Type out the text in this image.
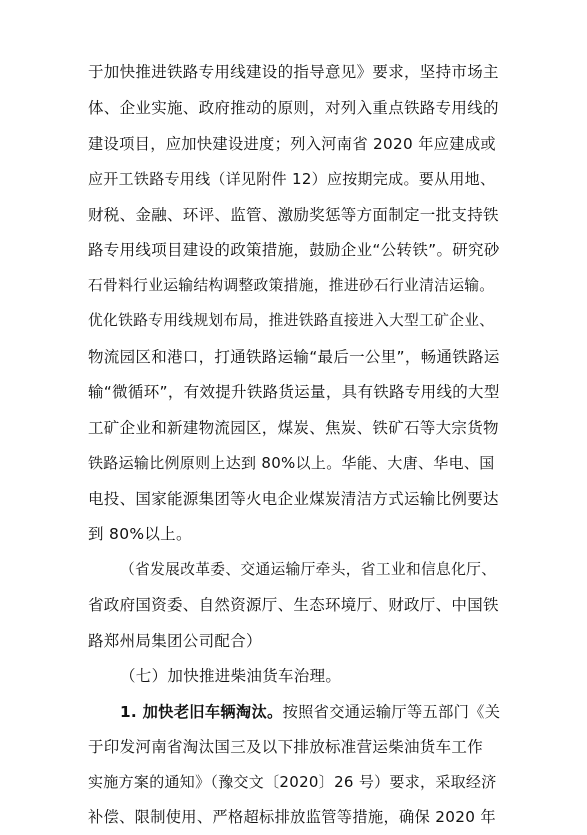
于加快推进铁路专用线建设的指导意见》要求，坚持市场主
体、企业实施、政府推动的原则，对列入重点铁路专用线的
建设项目，应加快建设进度；列入河南省 2020 年应建成或
应开工铁路专用线（详见附件 12）应按期完成。要从用地、
财税、金融、环评、监管、激励奖惩等方面制定一批支持铁
路专用线项目建设的政策措施，鼓励企业“公转铁”。研究砂
石骨料行业运输结构调整政策措施，推进砂石行业清洁运输。
优化铁路专用线规划布局，推进铁路直接进入大型工矿企业、
物流园区和港口，打通铁路运输“最后一公里”，畅通铁路运
输“微循环”，有效提升铁路货运量，具有铁路专用线的大型
工矿企业和新建物流园区，煤炭、焦炭、铁矿石等大宗货物
铁路运输比例原则上达到 80%以上。华能、大唐、华电、国
电投、国家能源集团等火电企业煤炭清洁方式运输比例要达
到 80%以上。
（省发展改革委、交通运输厅牵头，省工业和信息化厅、
省政府国资委、自然资源厅、生态环境厅、财政厅、中国铁
路郑州局集团公司配合）
（七）加快推进柴油货车治理。
1. 加快老旧车辆淘汰。按照省交通运输厅等五部门《关
于印发河南省淘汰国三及以下排放标准营运柴油货车工作
实施方案的通知》（豫交文〔2020〕26 号）要求，采取经济
补偿、限制使用、严格超标排放监管等措施，确保 2020 年
